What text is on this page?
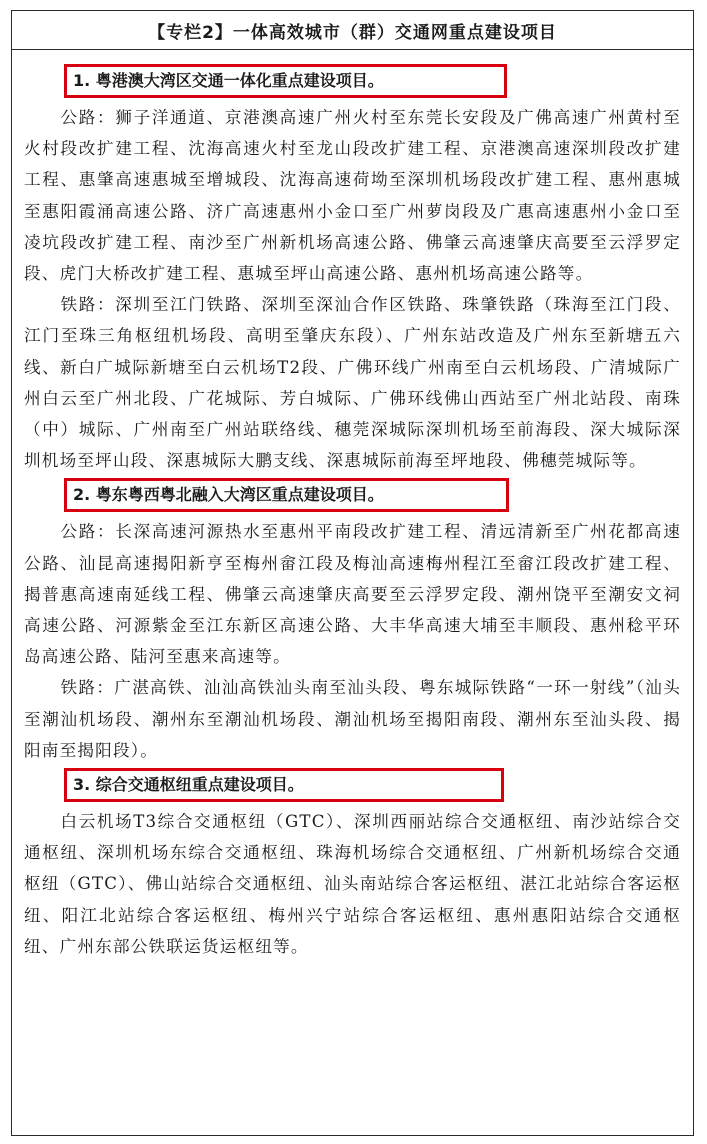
【专栏2】一体高效城市（群）交通网重点建设项目
1. 粤港澳大湾区交通一体化重点建设项目。

公路：狮子洋通道、京港澳高速广州火村至东莞长安段及广佛高速广州黄村至火村段改扩建工程、沈海高速火村至龙山段改扩建工程、京港澳高速深圳段改扩建工程、惠肇高速惠城至增城段、沈海高速荷坳至深圳机场段改扩建工程、惠州惠城至惠阳霞涌高速公路、济广高速惠州小金口至广州萝岗段及广惠高速惠州小金口至凌坑段改扩建工程、南沙至广州新机场高速公路、佛肇云高速肇庆高要至云浮罗定段、虎门大桥改扩建工程、惠城至坪山高速公路、惠州机场高速公路等。

铁路：深圳至江门铁路、深圳至深汕合作区铁路、珠肇铁路（珠海至江门段、江门至珠三角枢纽机场段、高明至肇庆东段）、广州东站改造及广州东至新塘五六线、新白广城际新塘至白云机场T2段、广佛环线广州南至白云机场段、广清城际广州白云至广州北段、广花城际、芳白城际、广佛环线佛山西站至广州北站段、南珠（中）城际、广州南至广州站联络线、穗莞深城际深圳机场至前海段、深大城际深圳机场至坪山段、深惠城际大鹏支线、深惠城际前海至坪地段、佛穗莞城际等。

2. 粤东粤西粤北融入大湾区重点建设项目。

公路：长深高速河源热水至惠州平南段改扩建工程、清远清新至广州花都高速公路、汕昆高速揭阳新亨至梅州畲江段及梅汕高速梅州程江至畲江段改扩建工程、揭普惠高速南延线工程、佛肇云高速肇庆高要至云浮罗定段、潮州饶平至潮安文祠高速公路、河源紫金至江东新区高速公路、大丰华高速大埔至丰顺段、惠州稔平环岛高速公路、陆河至惠来高速等。

铁路：广湛高铁、汕汕高铁汕头南至汕头段、粤东城际铁路“一环一射线”（汕头至潮汕机场段、潮州东至潮汕机场段、潮汕机场至揭阳南段、潮州东至汕头段、揭阳南至揭阳段）。

3. 综合交通枢纽重点建设项目。

白云机场T3综合交通枢纽（GTC）、深圳西丽站综合交通枢纽、南沙站综合交通枢纽、深圳机场东综合交通枢纽、珠海机场综合交通枢纽、广州新机场综合交通枢纽（GTC）、佛山站综合交通枢纽、汕头南站综合客运枢纽、湛江北站综合客运枢纽、阳江北站综合客运枢纽、梅州兴宁站综合客运枢纽、惠州惠阳站综合交通枢纽、广州东部公铁联运货运枢纽等。
